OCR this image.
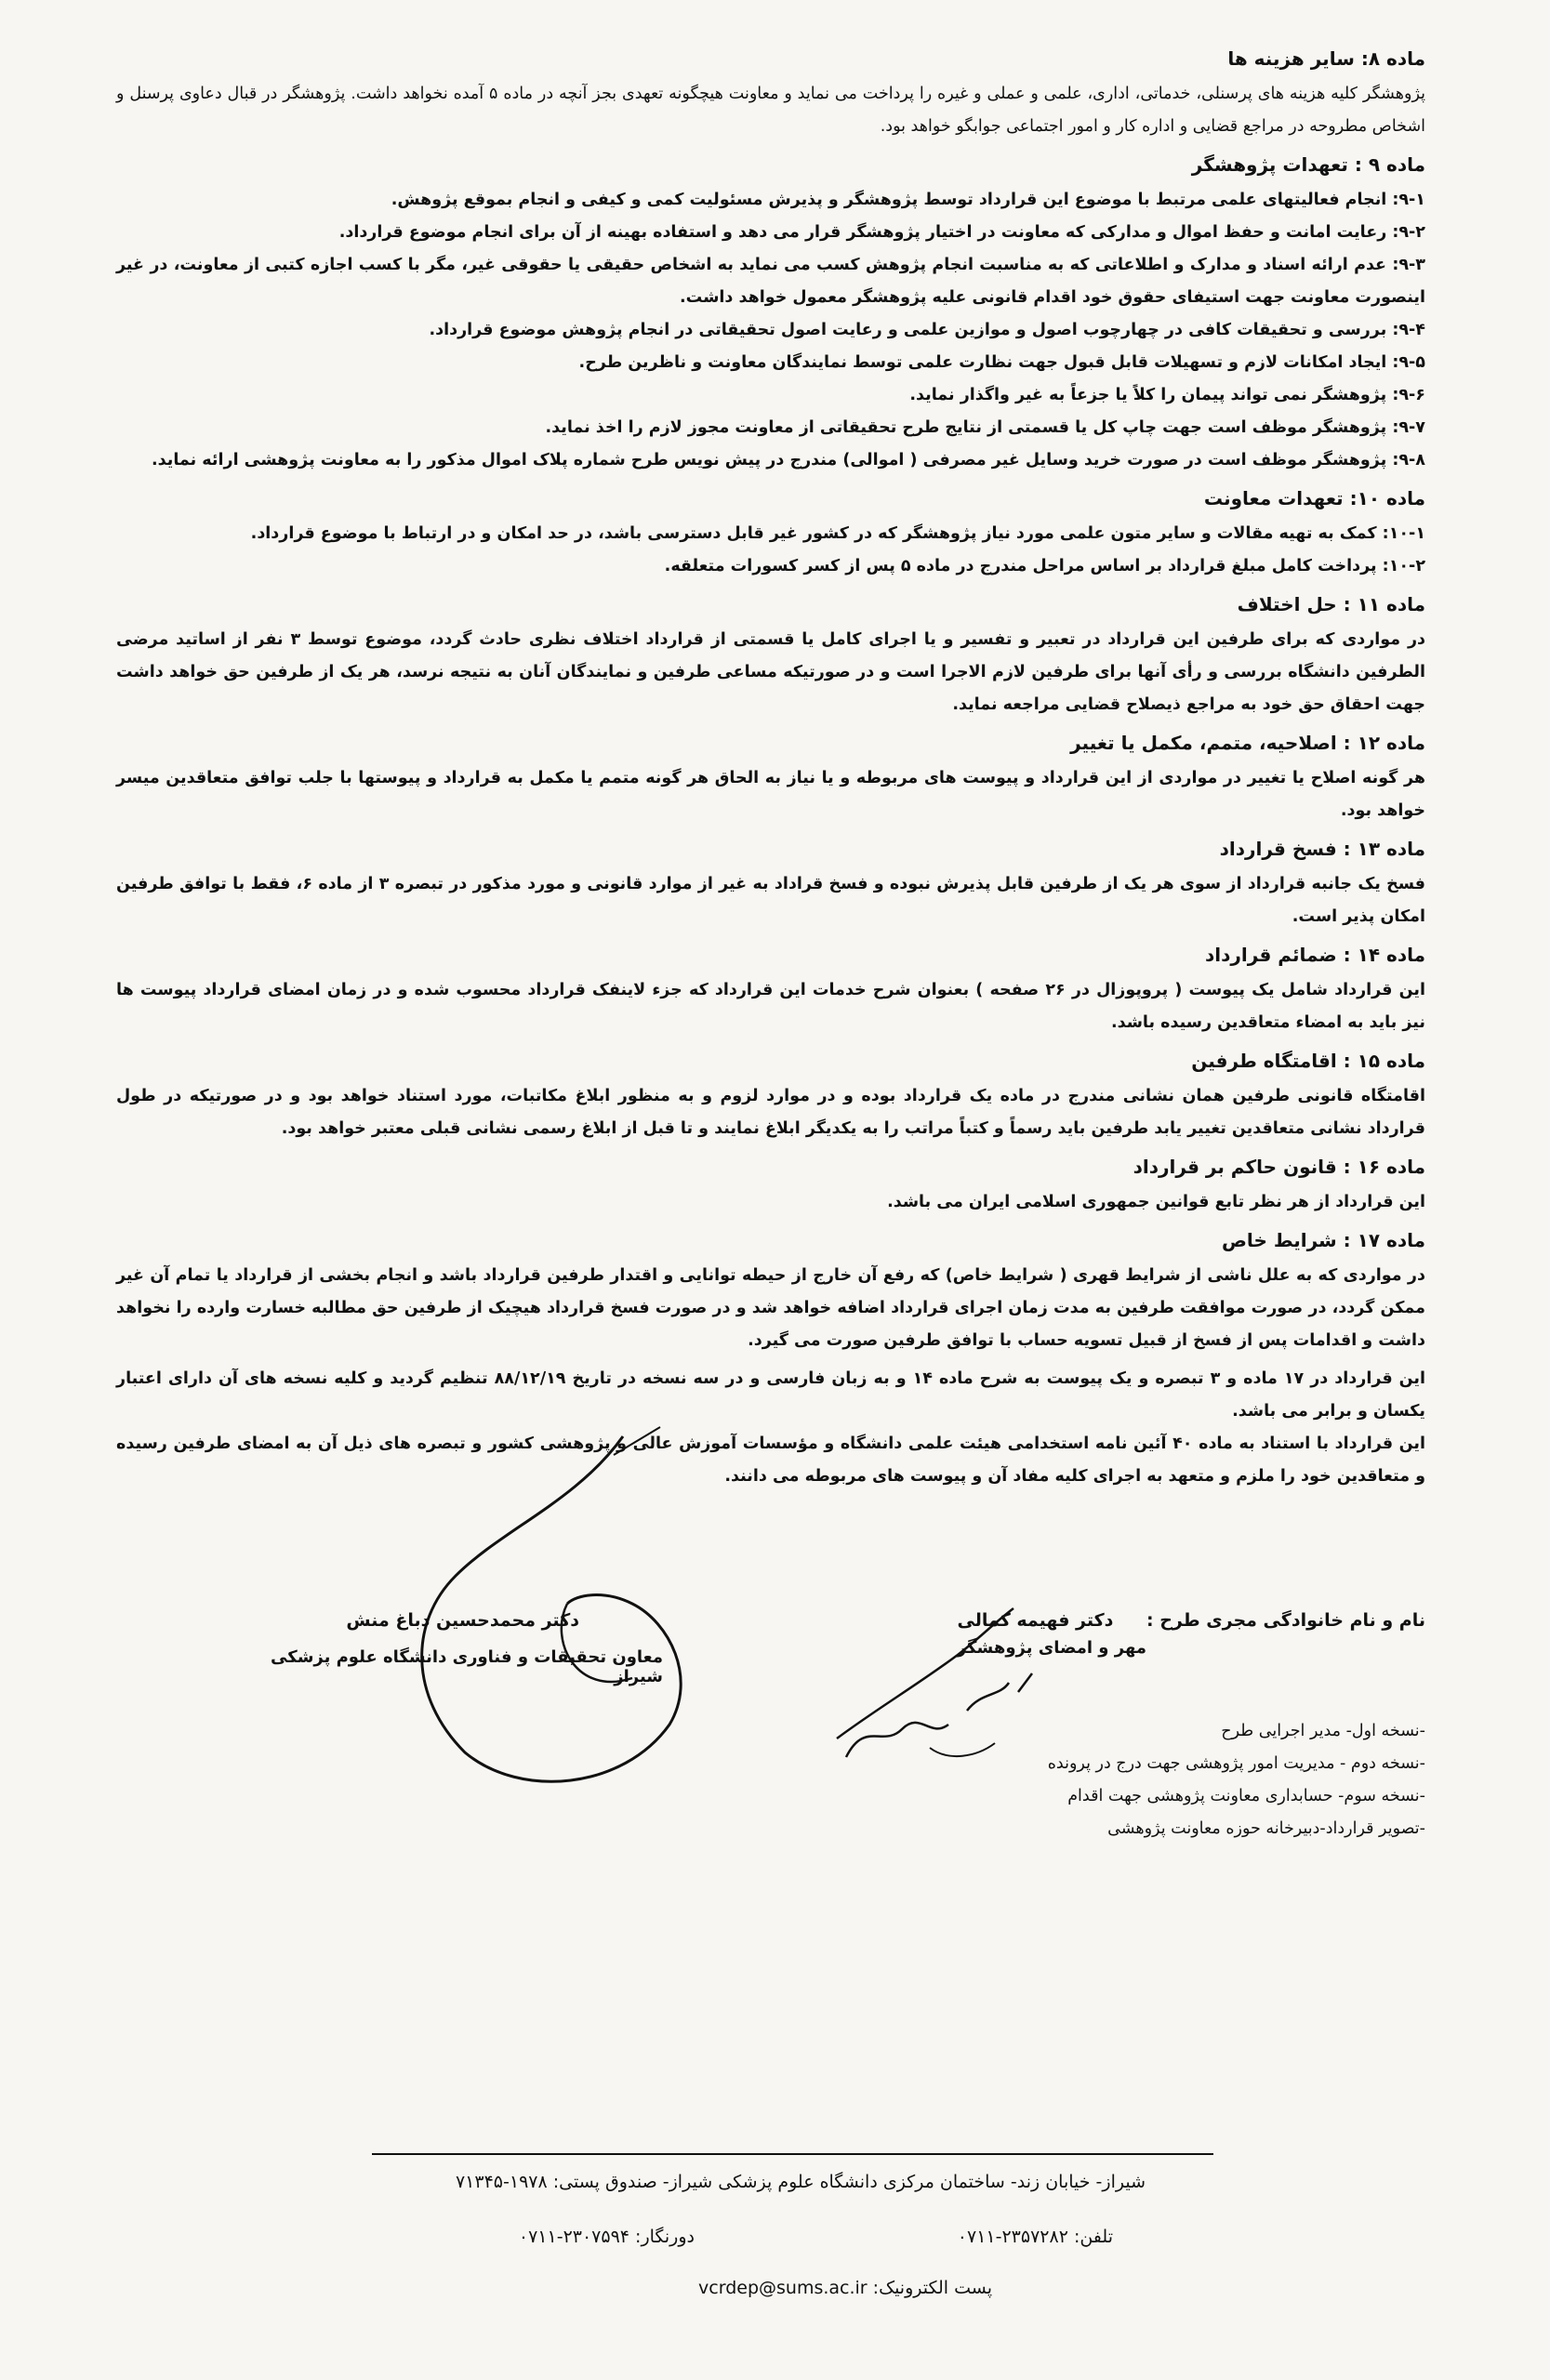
ماده ۸: سایر هزینه ها
پژوهشگر کلیه هزینه های پرسنلی، خدماتی، اداری، علمی و عملی و غیره را پرداخت می نماید و معاونت هیچگونه تعهدی بجز آنچه در ماده ۵ آمده نخواهد داشت. پژوهشگر در قبال دعاوی پرسنل و اشخاص مطروحه در مراجع قضایی و اداره کار و امور اجتماعی جوابگو خواهد بود.
ماده ۹ : تعهدات پژوهشگر
۹-۱: انجام فعالیتهای علمی مرتبط با موضوع این قرارداد توسط پژوهشگر و پذیرش مسئولیت کمی و کیفی و انجام بموقع پژوهش.
۹-۲: رعایت امانت و حفظ اموال و مدارکی که معاونت در اختیار پژوهشگر قرار می دهد و استفاده بهینه از آن برای انجام موضوع قرارداد.
۹-۳: عدم ارائه اسناد و مدارک و اطلاعاتی که به مناسبت انجام پژوهش کسب می نماید به اشخاص حقیقی یا حقوقی غیر، مگر با کسب اجازه کتبی از معاونت، در غیر اینصورت معاونت جهت استیفای حقوق خود اقدام قانونی علیه پژوهشگر معمول خواهد داشت.
۹-۴: بررسی و تحقیقات کافی در چهارچوب اصول و موازین علمی و رعایت اصول تحقیقاتی در انجام پژوهش موضوع قرارداد.
۹-۵: ایجاد امکانات لازم و تسهیلات قابل قبول جهت نظارت علمی توسط نمایندگان معاونت و ناظرین طرح.
۹-۶: پژوهشگر نمی تواند پیمان را کلاً یا جزعاً به غیر واگذار نماید.
۹-۷: پژوهشگر موظف است جهت چاپ کل یا قسمتی از نتایج طرح تحقیقاتی از معاونت مجوز لازم را اخذ نماید.
۹-۸: پژوهشگر موظف است در صورت خرید وسایل غیر مصرفی ( اموالی) مندرج در پیش نویس طرح شماره پلاک اموال مذکور را به معاونت پژوهشی ارائه نماید.
ماده ۱۰: تعهدات معاونت
۱۰-۱: کمک به تهیه مقالات و سایر متون علمی مورد نیاز پژوهشگر که در کشور غیر قابل دسترسی باشد، در حد امکان و در ارتباط با موضوع قرارداد.
۱۰-۲: پرداخت کامل مبلغ قرارداد بر اساس مراحل مندرج در ماده ۵ پس از کسر کسورات متعلقه.
ماده ۱۱ : حل اختلاف
در مواردی که برای طرفین این قرارداد در تعبیر و تفسیر و یا اجرای کامل یا قسمتی از قرارداد اختلاف نظری حادث گردد، موضوع توسط ۳ نفر از اساتید مرضی الطرفین دانشگاه بررسی و رأی آنها برای طرفین لازم الاجرا است و در صورتیکه مساعی طرفین و نمایندگان آنان به نتیجه نرسد، هر یک از طرفین حق خواهد داشت جهت احقاق حق خود به مراجع ذیصلاح قضایی مراجعه نماید.
ماده ۱۲ : اصلاحیه، متمم، مکمل یا تغییر
هر گونه اصلاح یا تغییر در مواردی از این قرارداد و پیوست های مربوطه و یا نیاز به الحاق هر گونه متمم یا مکمل به قرارداد و پیوستها با جلب توافق متعاقدین میسر خواهد بود.
ماده ۱۳ : فسخ قرارداد
فسخ یک جانبه قرارداد از سوی هر یک از طرفین قابل پذیرش نبوده و فسخ قراداد به غیر از موارد قانونی و مورد مذکور در تبصره ۳ از ماده ۶، فقط با توافق طرفین امکان پذیر است.
ماده ۱۴ : ضمائم قرارداد
این قرارداد شامل یک پیوست ( پروپوزال در ۲۶ صفحه ) بعنوان شرح خدمات این قرارداد که جزء لاینفک قرارداد محسوب شده و در زمان امضای قرارداد پیوست ها نیز باید به امضاء متعاقدین رسیده باشد.
ماده ۱۵ : اقامتگاه طرفین
اقامتگاه قانونی طرفین همان نشانی مندرج در ماده یک قرارداد بوده و در موارد لزوم و به منظور ابلاغ مکاتبات، مورد استناد خواهد بود و در صورتیکه در طول قرارداد نشانی متعاقدین تغییر یابد طرفین باید رسماً و کتباً مراتب را به یکدیگر ابلاغ نمایند و تا قبل از ابلاغ رسمی نشانی قبلی معتبر خواهد بود.
ماده ۱۶ : قانون حاکم بر قرارداد
این قرارداد از هر نظر تابع قوانین جمهوری اسلامی ایران می باشد.
ماده ۱۷ : شرایط خاص
در مواردی که به علل ناشی از شرایط قهری ( شرایط خاص) که رفع آن خارج از حیطه توانایی و اقتدار طرفین قرارداد باشد و انجام بخشی از قرارداد یا تمام آن غیر ممکن گردد، در صورت موافقت طرفین به مدت زمان اجرای قرارداد اضافه خواهد شد و در صورت فسخ قرارداد هیچیک از طرفین حق مطالبه خسارت وارده را نخواهد داشت و اقدامات پس از فسخ از قبیل تسویه حساب با توافق طرفین صورت می گیرد.
این قرارداد در ۱۷ ماده و ۳ تبصره و یک پیوست به شرح ماده ۱۴ و به زبان فارسی و در سه نسخه در تاریخ ۸۸/۱۲/۱۹ تنظیم گردید و کلیه نسخه های آن دارای اعتبار یکسان و برابر می باشد.
این قرارداد با استناد به ماده ۴۰ آئین نامه استخدامی هیئت علمی دانشگاه و مؤسسات آموزش عالی و پژوهشی کشور و تبصره های ذیل آن به امضای طرفین رسیده و متعاقدین خود را ملزم و متعهد به اجرای کلیه مفاد آن و پیوست های مربوطه می دانند.
نام و نام خانوادگی مجری طرح :       دکتر فهیمه کمالی
مهر و امضای پژوهشگر
دکتر محمدحسین دباغ منش
معاون تحقیقات و فناوری دانشگاه علوم پزشکی شیراز
-نسخه اول- مدیر اجرایی طرح
-نسخه دوم - مدیریت امور پژوهشی جهت درج در پرونده
-نسخه سوم- حسابداری معاونت پژوهشی جهت اقدام
-تصویر قرارداد-دبیرخانه حوزه معاونت پژوهشی
شیراز- خیابان زند- ساختمان مرکزی دانشگاه علوم پزشکی شیراز- صندوق پستی: ۱۹۷۸-۷۱۳۴۵
تلفن: ۲۳۵۷۲۸۲-۰۷۱۱
دورنگار: ۲۳۰۷۵۹۴-۰۷۱۱
پست الکترونیک: vcrdep@sums.ac.ir
